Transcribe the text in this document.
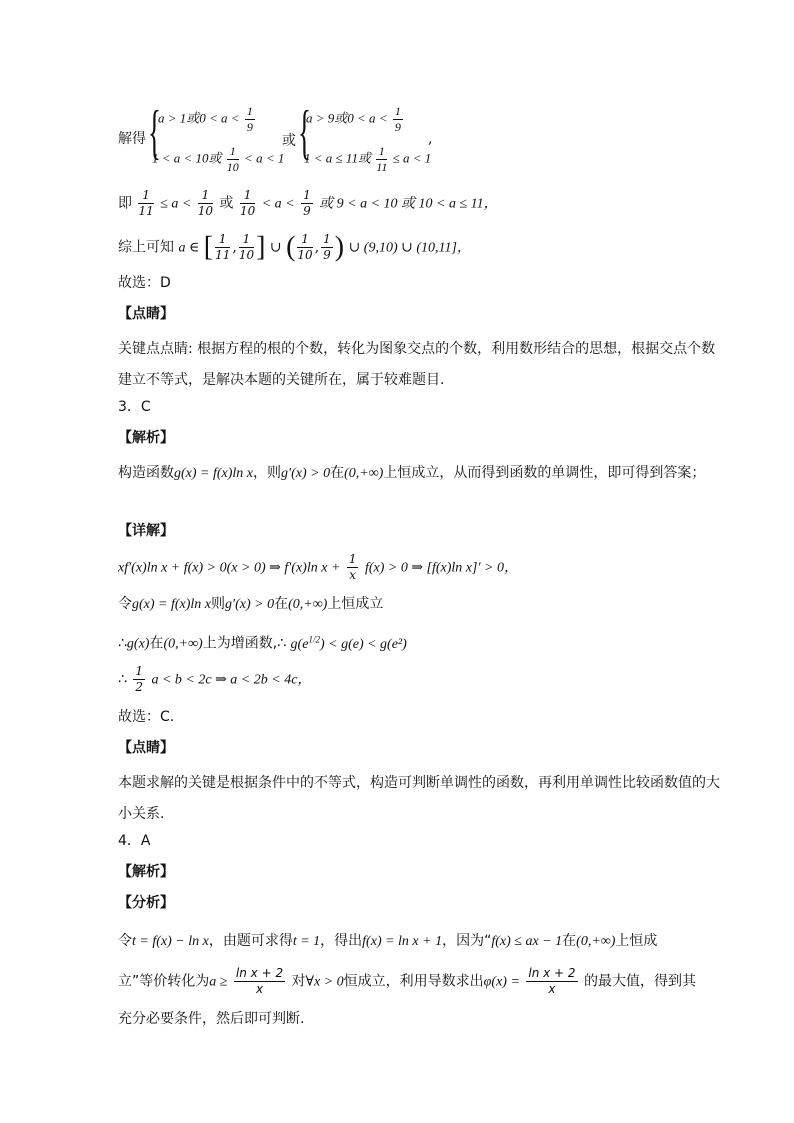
解得 {
a > 1或$0 < a < \frac{1}{9}$
1 < a < 10或 $\frac{1}{10} < a < 1$
或 {
a > 9或$0 < a < \frac{1}{9}$
1 < a ≤ 11或 $\frac{1}{11} \le a < 1$
,
即 $\frac{1}{11} \le a < \frac{1}{10}$ 或 $\frac{1}{10} < a < \frac{1}{9}$ 或 9 < a < 10 或 10 < a ≤ 11，
综上可知 a ∈ [ $\frac{1}{11}$ , $\frac{1}{10}$ ] ∪ ( $\frac{1}{10}$ , $\frac{1}{9}$ ) ∪ (9,10) ∪ (10,11]，
故选：D
【点睛】
关键点点睛: 根据方程的根的个数，转化为图象交点的个数，利用数形结合的思想，根据交点个数建立不等式，是解决本题的关键所在，属于较难题目.
3．C
【解析】
构造函数g(x) = f(x)ln x，则g′(x) > 0在(0,+∞)上恒成立，从而得到函数的单调性，即可得到答案；
【详解】
xf′(x)ln x + f(x) > 0(x > 0) ⇒ f′(x)ln $x + \frac{1}{x} f(x) > 0$ ⇒ [f(x)ln x]′ > 0，
令g(x) = f(x)ln x则g′(x) > 0在(0,+∞)上恒成立
∴g(x)在(0,+∞)上为增函数,∴ $g(e^{1/2}) < g(e) < g(e^2)$
∴ $\frac{1}{2}$ a < b < 2c ⇒ a < 2b < 4c，
故选：C.
【点睛】
本题求解的关键是根据条件中的不等式，构造可判断单调性的函数，再利用单调性比较函数值的大小关系.
4．A
【解析】
【分析】
令t = f(x) − ln x，由题可求得t = 1，得出f(x) = ln x + 1，因为“f(x) ≤ ax − 1在(0,+∞)上恒成
立”等价转化为$a \ge \frac{\text{ln x + 2}}{x}$ 对∀x > 0恒成立，利用导数求出$\varphi(x) = \frac{\text{ln x + 2}}{x}$ 的最大值，得到其
充分必要条件，然后即可判断.
